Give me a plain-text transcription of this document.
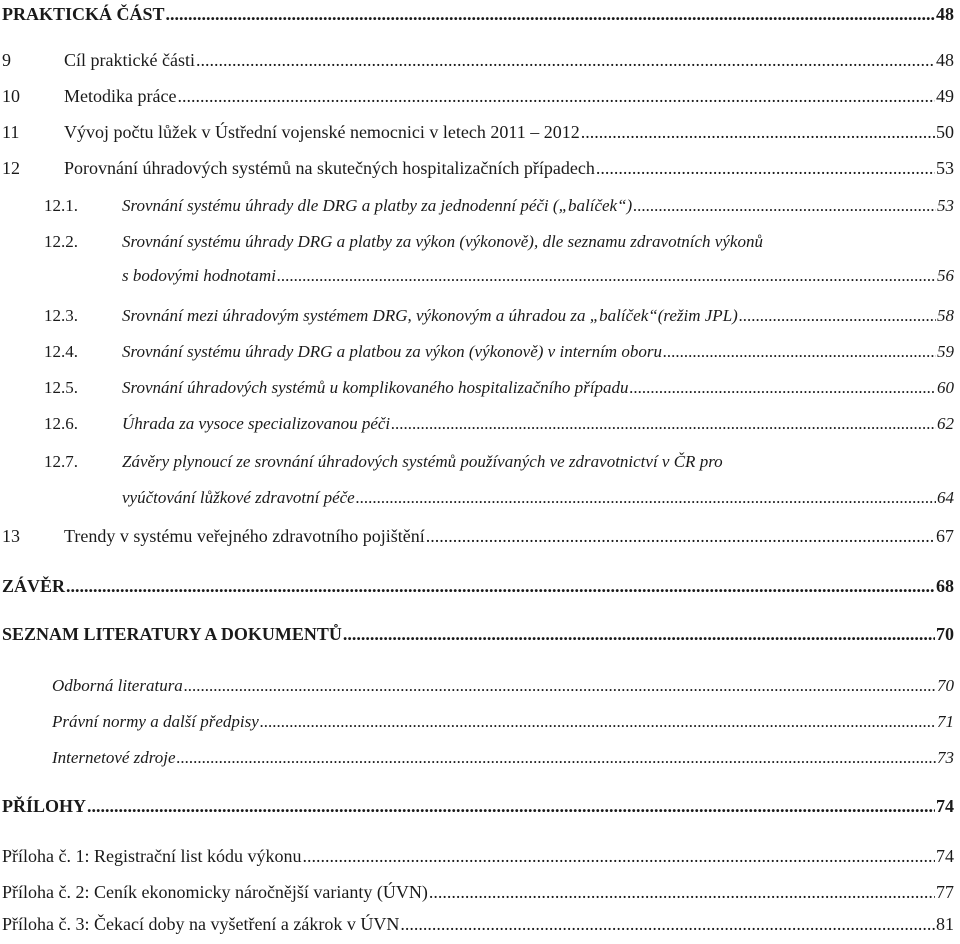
PRAKTICKÁ ČÁST .....	48
9	Cíl praktické části .....	48
10 Metodika práce .....	49
11 Vývoj počtu lůžek v Ústřední vojenské nemocnici v letech 2011 – 2012 .....	50
12 Porovnání úhradových systémů na skutečných hospitalizačních případech .....	53
12.1.	Srovnání systému úhrady dle DRG a platby za jednodenní péči („balíček“) .....	53
12.2.	Srovnání systému úhrady DRG a platby za výkon (výkonově), dle seznamu zdravotních výkonů
s bodovými hodnotami .....	56
12.3.	Srovnání mezi úhradovým systémem DRG, výkonovým a úhradou za „balíček“(režim JPL) .....	58
12.4.	Srovnání systému úhrady DRG a platbou za výkon (výkonově) v interním oboru .....	59
12.5.	Srovnání úhradových systémů u komplikovaného hospitalizačního případu .....	60
12.6.	Úhrada za vysoce specializovanou péči .....	62
12.7.	Závěry plynoucí ze srovnání úhradových systémů používaných ve zdravotnictví v ČR pro
vyúčtování lůžkové zdravotní péče .....	64
13 Trendy v systému veřejného zdravotního pojištění .....	67
ZÁVĚR .....	68
SEZNAM LITERATURY A DOKUMENTŮ .....	70
Odborná literatura .....	70
Právní normy a další předpisy .....	71
Internetové zdroje .....	73
PŘÍLOHY .....	74
Příloha č. 1: Registrační list kódu výkonu .....	74
Příloha č. 2: Ceník ekonomicky náročnější varianty (ÚVN) .....	77
Příloha č. 3: Čekací doby na vyšetření a zákrok v ÚVN .....	81
